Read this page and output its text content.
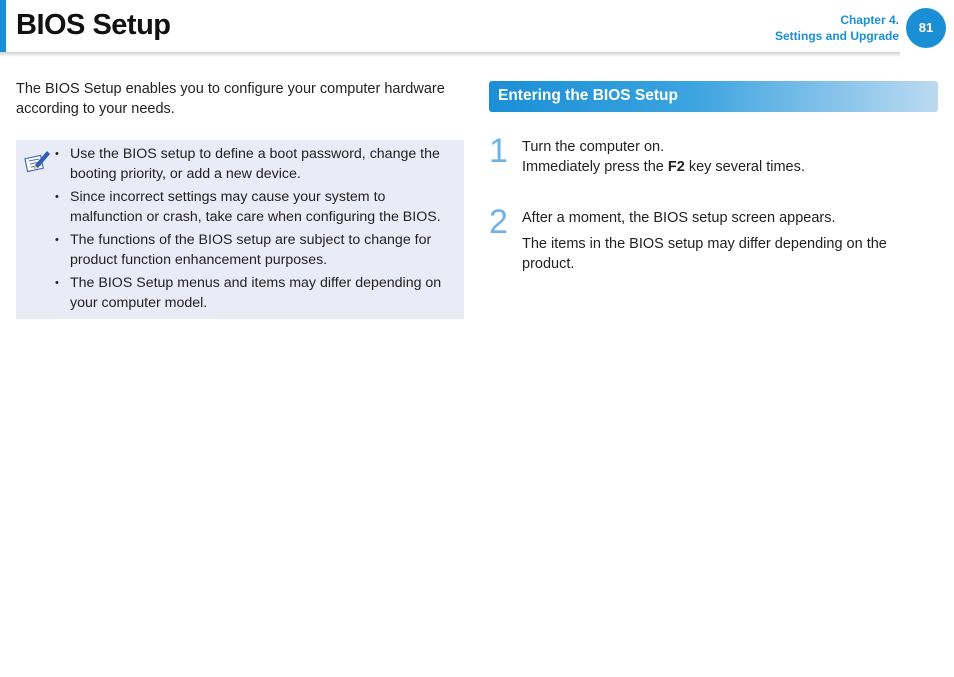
BIOS Setup	Chapter 4.
Settings and Upgrade
81

The BIOS Setup enables you to configure your computer hardware according to your needs.

• Use the BIOS setup to define a boot password, change the booting priority, or add a new device.
• Since incorrect settings may cause your system to malfunction or crash, take care when configuring the BIOS.
• The functions of the BIOS setup are subject to change for product function enhancement purposes.
• The BIOS Setup menus and items may differ depending on your computer model.
Entering the BIOS Setup
1 Turn the computer on.

Immediately press the F2 key several times.

2 After a moment, the BIOS setup screen appears.

The items in the BIOS setup may differ depending on the product.
